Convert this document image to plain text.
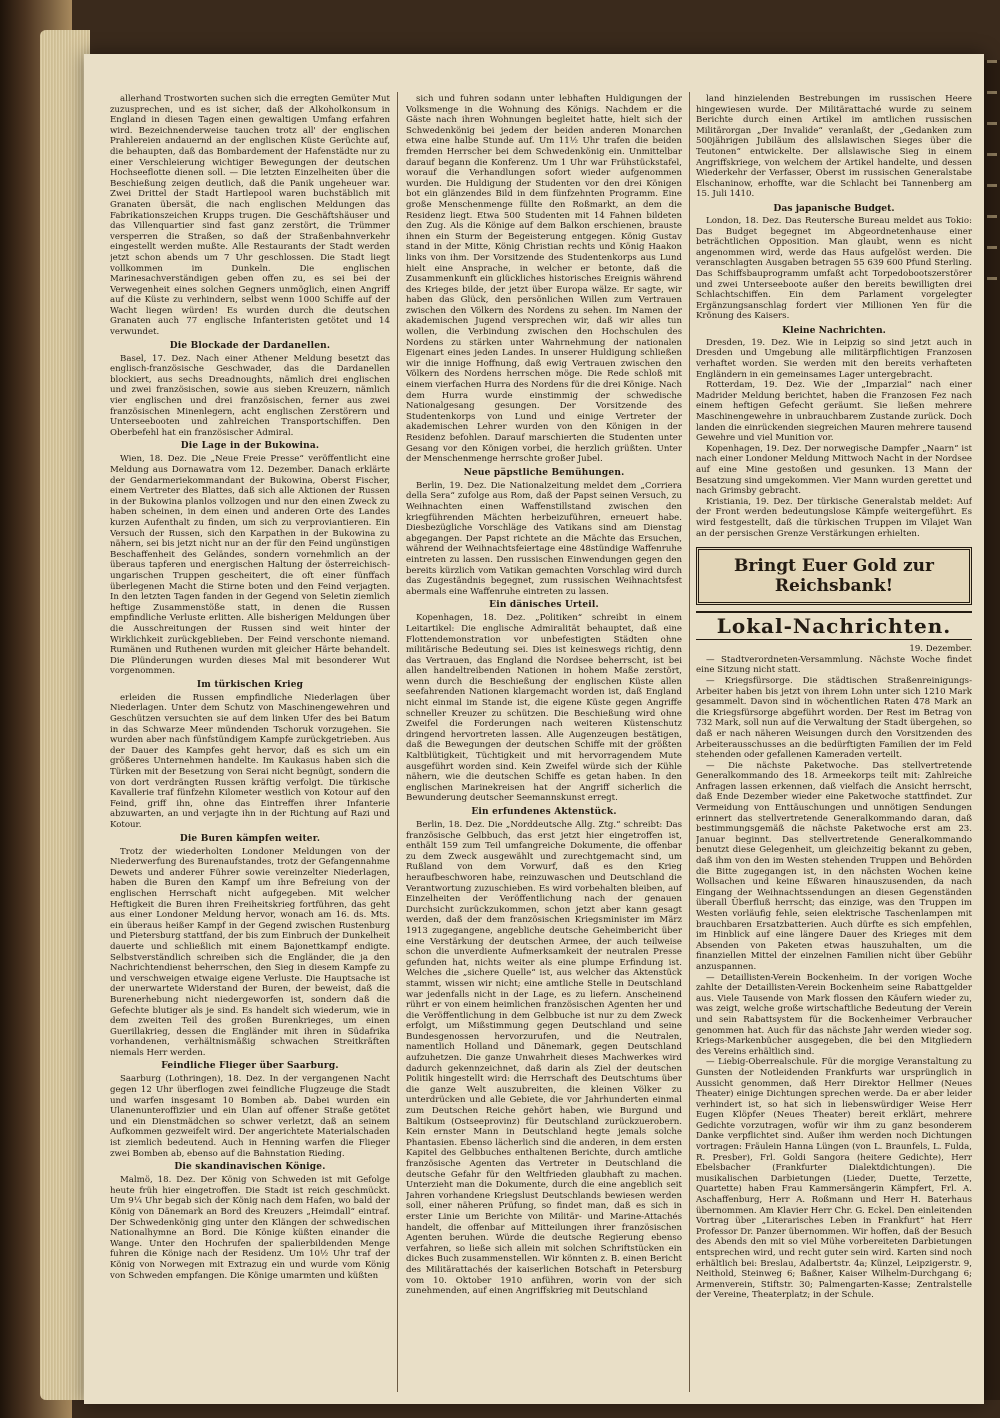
allerhand Trostworten suchen sich die erregten Gemüter Mut zuzusprechen, und es ist sicher, daß der Alkoholkonsum in England in diesen Tagen einen gewaltigen Umfang erfahren wird. Bezeichnenderweise tauchen trotz all' der englischen Prahlereien andauernd an der englischen Küste Gerüchte auf, die behaupten, daß das Bombardement der Hafenstädte nur zu einer Verschleierung wichtiger Bewegungen der deutschen Hochseeflotte dienen soll. — Die letzten Einzelheiten über die Beschießung zeigen deutlich, daß die Panik ungeheuer war. Zwei Drittel der Stadt Hartlepool waren buchstäblich mit Granaten übersät, die nach englischen Meldungen das Fabrikationszeichen Krupps trugen. Die Geschäftshäuser und das Villenquartier sind fast ganz zerstört, die Trümmer versperren die Straßen, so daß der Straßenbahnverkehr eingestellt werden mußte. Alle Restaurants der Stadt werden jetzt schon abends um 7 Uhr geschlossen. Die Stadt liegt vollkommen im Dunkeln. Die englischen Marinesachverständigen geben offen zu, es sei bei der Verwegenheit eines solchen Gegners unmöglich, einen Angriff auf die Küste zu verhindern, selbst wenn 1000 Schiffe auf der Wacht liegen würden! Es wurden durch die deutschen Granaten auch 77 englische Infanteristen getötet und 14 verwundet.

Die Blockade der Dardanellen.

Basel, 17. Dez. Nach einer Athener Meldung besetzt das englisch-französische Geschwader, das die Dardanellen blockiert, aus sechs Dreadnoughts, nämlich drei englischen und zwei französischen, sowie aus sieben Kreuzern, nämlich vier englischen und drei französischen, ferner aus zwei französischen Minenlegern, acht englischen Zerstörern und Unterseebooten und zahlreichen Transportschiffen. Den Oberbefehl hat ein französischer Admiral.

Die Lage in der Bukowina.

Wien, 18. Dez. Die „Neue Freie Presse“ veröffentlicht eine Meldung aus Dornawatra vom 12. Dezember. Danach erklärte der Gendarmeriekommandant der Bukowina, Oberst Fischer, einem Vertreter des Blattes, daß sich alle Aktionen der Russen in der Bukowina planlos vollzogen und nur den einen Zweck zu haben scheinen, in dem einen und anderen Orte des Landes kurzen Aufenthalt zu finden, um sich zu verproviantieren. Ein Versuch der Russen, sich den Karpathen in der Bukowina zu nähern, sei bis jetzt nicht nur an der für den Feind ungünstigen Beschaffenheit des Geländes, sondern vornehmlich an der überaus tapferen und energischen Haltung der österreichisch-ungarischen Truppen gescheitert, die oft einer fünffach überlegenen Macht die Stirne boten und den Feind verjagten. In den letzten Tagen fanden in der Gegend von Seletin ziemlich heftige Zusammenstöße statt, in denen die Russen empfindliche Verluste erlitten. Alle bisherigen Meldungen über die Ausschreitungen der Russen sind weit hinter der Wirklichkeit zurückgeblieben. Der Feind verschonte niemand. Rumänen und Ruthenen wurden mit gleicher Härte behandelt. Die Plünderungen wurden dieses Mal mit besonderer Wut vorgenommen.

Im türkischen Krieg

erleiden die Russen empfindliche Niederlagen über Niederlagen. Unter dem Schutz von Maschinengewehren und Geschützen versuchten sie auf dem linken Ufer des bei Batum in das Schwarze Meer mündenden Tschoruk vorzugehen. Sie wurden aber nach fünfstündigem Kampfe zurückgetrieben. Aus der Dauer des Kampfes geht hervor, daß es sich um ein größeres Unternehmen handelte. Im Kaukasus haben sich die Türken mit der Besetzung von Serai nicht begnügt, sondern die von dort verdrängten Russen kräftig verfolgt. Die türkische Kavallerie traf fünfzehn Kilometer westlich von Kotour auf den Feind, griff ihn, ohne das Eintreffen ihrer Infanterie abzuwarten, an und verjagte ihn in der Richtung auf Razi und Kotour.

Die Buren kämpfen weiter.

Trotz der wiederholten Londoner Meldungen von der Niederwerfung des Burenaufstandes, trotz der Gefangennahme Dewets und anderer Führer sowie vereinzelter Niederlagen, haben die Buren den Kampf um ihre Befreiung von der englischen Herrschaft nicht aufgegeben. Mit welcher Heftigkeit die Buren ihren Freiheitskrieg fortführen, das geht aus einer Londoner Meldung hervor, wonach am 16. ds. Mts. ein überaus heißer Kampf in der Gegend zwischen Rustenburg und Pietersburg stattfand, der bis zum Einbruch der Dunkelheit dauerte und schließlich mit einem Bajonettkampf endigte. Selbstverständlich schreiben sich die Engländer, die ja den Nachrichtendienst beherrschen, den Sieg in diesem Kampfe zu und verschweigen etwaige eigene Verluste. Die Hauptsache ist der unerwartete Widerstand der Buren, der beweist, daß die Burenerhebung nicht niedergeworfen ist, sondern daß die Gefechte blutiger als je sind. Es handelt sich wiederum, wie in dem zweiten Teil des großen Burenkrieges, um einen Guerillakrieg, dessen die Engländer mit ihren in Südafrika vorhandenen, verhältnismäßig schwachen Streitkräften niemals Herr werden.

Feindliche Flieger über Saarburg.

Saarburg (Lothringen), 18. Dez. In der vergangenen Nacht gegen 12 Uhr überflogen zwei feindliche Flugzeuge die Stadt und warfen insgesamt 10 Bomben ab. Dabei wurden ein Ulanenunteroffizier und ein Ulan auf offener Straße getötet und ein Dienstmädchen so schwer verletzt, daß an seinem Aufkommen gezweifelt wird. Der angerichtete Materialschaden ist ziemlich bedeutend. Auch in Henning warfen die Flieger zwei Bomben ab, ebenso auf die Bahnstation Rieding.

Die skandinavischen Könige.

Malmö, 18. Dez. Der König von Schweden ist mit Gefolge heute früh hier eingetroffen. Die Stadt ist reich geschmückt. Um 9¼ Uhr begab sich der König nach dem Hafen, wo bald der König von Dänemark an Bord des Kreuzers „Heimdall“ eintraf. Der Schwedenkönig ging unter den Klängen der schwedischen Nationalhymne an Bord. Die Könige küßten einander die Wange. Unter den Hochrufen der spalierbildenden Menge fuhren die Könige nach der Residenz. Um 10½ Uhr traf der König von Norwegen mit Extrazug ein und wurde vom König von Schweden empfangen. Die Könige umarmten und küßten

sich und fuhren sodann unter lebhaften Huldigungen der Volksmenge in die Wohnung des Königs. Nachdem er die Gäste nach ihren Wohnungen begleitet hatte, hielt sich der Schwedenkönig bei jedem der beiden anderen Monarchen etwa eine halbe Stunde auf. Um 11½ Uhr trafen die beiden fremden Herrscher bei dem Schwedenkönig ein. Unmittelbar darauf begann die Konferenz. Um 1 Uhr war Frühstückstafel, worauf die Verhandlungen sofort wieder aufgenommen wurden. Die Huldigung der Studenten vor den drei Königen bot ein glänzendes Bild in dem fünfzehnten Programm. Eine große Menschenmenge füllte den Roßmarkt, an dem die Residenz liegt. Etwa 500 Studenten mit 14 Fahnen bildeten den Zug. Als die Könige auf dem Balkon erschienen, brauste ihnen ein Sturm der Begeisterung entgegen. König Gustav stand in der Mitte, König Christian rechts und König Haakon links von ihm. Der Vorsitzende des Studentenkorps aus Lund hielt eine Ansprache, in welcher er betonte, daß die Zusammenkunft ein glückliches historisches Ereignis während des Krieges bilde, der jetzt über Europa wälze. Er sagte, wir haben das Glück, den persönlichen Willen zum Vertrauen zwischen den Völkern des Nordens zu sehen. Im Namen der akademischen Jugend versprechen wir, daß wir alles tun wollen, die Verbindung zwischen den Hochschulen des Nordens zu stärken unter Wahrnehmung der nationalen Eigenart eines jeden Landes. In unserer Huldigung schließen wir die innige Hoffnung, daß ewig Vertrauen zwischen den Völkern des Nordens herrschen möge. Die Rede schloß mit einem vierfachen Hurra des Nordens für die drei Könige. Nach dem Hurra wurde einstimmig der schwedische Nationalgesang gesungen. Der Vorsitzende des Studentenkorps von Lund und einige Vertreter der akademischen Lehrer wurden von den Königen in der Residenz befohlen. Darauf marschierten die Studenten unter Gesang vor den Königen vorbei, die herzlich grüßten. Unter der Menschenmenge herrschte großer Jubel.

Neue päpstliche Bemühungen.

Berlin, 19. Dez. Die Nationalzeitung meldet dem „Corriera della Sera“ zufolge aus Rom, daß der Papst seinen Versuch, zu Weihnachten einen Waffenstillstand zwischen den kriegführenden Mächten herbeizuführen, erneuert habe. Diesbezügliche Vorschläge des Vatikans sind am Dienstag abgegangen. Der Papst richtete an die Mächte das Ersuchen, während der Weihnachtsfeiertage eine 48stündige Waffenruhe eintreten zu lassen. Den russischen Einwendungen gegen den bereits kürzlich vom Vatikan gemachten Vorschlag wird durch das Zugeständnis begegnet, zum russischen Weihnachtsfest abermals eine Waffenruhe eintreten zu lassen.

Ein dänisches Urteil.

Kopenhagen, 18. Dez. „Politiken“ schreibt in einem Leitartikel: Die englische Admiralität behauptet, daß eine Flottendemonstration vor unbefestigten Städten ohne militärische Bedeutung sei. Dies ist keineswegs richtig, denn das Vertrauen, das England die Nordsee beherrscht, ist bei allen handeltreibenden Nationen in hohem Maße zerstört, wenn durch die Beschießung der englischen Küste allen seefahrenden Nationen klargemacht worden ist, daß England nicht einmal im Stande ist, die eigene Küste gegen Angriffe schneller Kreuzer zu schützen. Die Beschießung wird ohne Zweifel die Forderungen nach weiteren Küstenschutz dringend hervortreten lassen. Alle Augenzeugen bestätigen, daß die Bewegungen der deutschen Schiffe mit der größten Kaltblütigkeit, Tüchtigkeit und mit hervorragendem Mute ausgeführt worden sind. Kein Zweifel würde sich der Kühle nähern, wie die deutschen Schiffe es getan haben. In den englischen Marinekreisen hat der Angriff sicherlich die Bewunderung deutscher Seemannskunst erregt.

Ein erfundenes Aktenstück.

Berlin, 18. Dez. Die „Norddeutsche Allg. Ztg.“ schreibt: Das französische Gelbbuch, das erst jetzt hier eingetroffen ist, enthält 159 zum Teil umfangreiche Dokumente, die offenbar zu dem Zweck ausgewählt und zurechtgemacht sind, um Rußland von dem Vorwurf, daß es den Krieg heraufbeschworen habe, reinzuwaschen und Deutschland die Verantwortung zuzuschieben. Es wird vorbehalten bleiben, auf Einzelheiten der Veröffentlichung nach der genauen Durchsicht zurückzukommen, schon jetzt aber kann gesagt werden, daß der dem französischen Kriegsminister im März 1913 zugegangene, angebliche deutsche Geheimbericht über eine Verstärkung der deutschen Armee, der auch teilweise schon die unverdiente Aufmerksamkeit der neutralen Presse gefunden hat, nichts weiter als eine plumpe Erfindung ist. Welches die „sichere Quelle“ ist, aus welcher das Aktenstück stammt, wissen wir nicht; eine amtliche Stelle in Deutschland war jedenfalls nicht in der Lage, es zu liefern. Anscheinend rührt er von einem heimlichen französischen Agenten her und die Veröffentlichung in dem Gelbbuche ist nur zu dem Zweck erfolgt, um Mißstimmung gegen Deutschland und seine Bundesgenossen hervorzurufen, und die Neutralen, namentlich Holland und Dänemark, gegen Deutschland aufzuhetzen. Die ganze Unwahrheit dieses Machwerkes wird dadurch gekennzeichnet, daß darin als Ziel der deutschen Politik hingestellt wird: die Herrschaft des Deutschtums über die ganze Welt auszubreiten, die kleinen Völker zu unterdrücken und alle Gebiete, die vor Jahrhunderten einmal zum Deutschen Reiche gehört haben, wie Burgund und Baltikum (Ostseeprovinz) für Deutschland zurückzuerobern. Kein ernster Mann in Deutschland hegte jemals solche Phantasien. Ebenso lächerlich sind die anderen, in dem ersten Kapitel des Gelbbuches enthaltenen Berichte, durch amtliche französische Agenten das Vertreter in Deutschland die deutsche Gefahr für den Weltfrieden glaubhaft zu machen. Unterzieht man die Dokumente, durch die eine angeblich seit Jahren vorhandene Kriegslust Deutschlands bewiesen werden soll, einer näheren Prüfung, so findet man, daß es sich in erster Linie um Berichte von Militär- und Marine-Attachés handelt, die offenbar auf Mitteilungen ihrer französischen Agenten beruhen. Würde die deutsche Regierung ebenso verfahren, so ließe sich allein mit solchen Schriftstücken ein dickes Buch zusammenstellen. Wir könnten z. B. einen Bericht des Militärattachés der kaiserlichen Botschaft in Petersburg vom 10. Oktober 1910 anführen, worin von der sich zunehmenden, auf einen Angriffskrieg mit Deutschland

land hinzielenden Bestrebungen im russischen Heere hingewiesen wurde. Der Militärattaché wurde zu seinem Berichte durch einen Artikel im amtlichen russischen Militärorgan „Der Invalide“ veranlaßt, der „Gedanken zum 500jährigen Jubiläum des allslawischen Sieges über die Teutonen“ entwickelte. Der allslawische Sieg in einem Angriffskriege, von welchem der Artikel handelte, und dessen Wiederkehr der Verfasser, Oberst im russischen Generalstabe Elschaninow, erhoffte, war die Schlacht bei Tannenberg am 15. Juli 1410.

Das japanische Budget.

London, 18. Dez. Das Reutersche Bureau meldet aus Tokio: Das Budget begegnet im Abgeordnetenhause einer beträchtlichen Opposition. Man glaubt, wenn es nicht angenommen wird, werde das Haus aufgelöst werden. Die veranschlagten Ausgaben betragen 55 639 600 Pfund Sterling. Das Schiffsbauprogramm umfaßt acht Torpedobootszerstörer und zwei Unterseeboote außer den bereits bewilligten drei Schlachtschiffen. Ein dem Parlament vorgelegter Ergänzungsanschlag fordert vier Millionen Yen für die Krönung des Kaisers.

Kleine Nachrichten.

Dresden, 19. Dez. Wie in Leipzig so sind jetzt auch in Dresden und Umgebung alle militärpflichtigen Franzosen verhaftet worden. Sie werden mit den bereits verhafteten Engländern in ein gemeinsames Lager untergebracht.

Rotterdam, 19. Dez. Wie der „Imparzial“ nach einer Madrider Meldung berichtet, haben die Franzosen Fez nach einem heftigen Gefecht geräumt. Sie ließen mehrere Maschinengewehre in unbrauchbarem Zustande zurück. Doch landen die einrückenden siegreichen Mauren mehrere tausend Gewehre und viel Munition vor.

Kopenhagen, 19. Dez. Der norwegische Dampfer „Naarn“ ist nach einer Londoner Meldung Mittwoch Nacht in der Nordsee auf eine Mine gestoßen und gesunken. 13 Mann der Besatzung sind umgekommen. Vier Mann wurden gerettet und nach Grimsby gebracht.

Kristiania, 19. Dez. Der türkische Generalstab meldet: Auf der Front werden bedeutungslose Kämpfe weitergeführt. Es wird festgestellt, daß die türkischen Truppen im Vilajet Wan an der persischen Grenze Verstärkungen erhielten.

Bringt Euer Gold zur Reichsbank!
Lokal-Nachrichten.

19. Dezember.

— Stadtverordneten-Versammlung. Nächste Woche findet eine Sitzung nicht statt.

— Kriegsfürsorge. Die städtischen Straßenreinigungs-Arbeiter haben bis jetzt von ihrem Lohn unter sich 1210 Mark gesammelt. Davon sind in wöchentlichen Raten 478 Mark an die Kriegsfürsorge abgeführt worden. Der Rest im Betrag von 732 Mark, soll nun auf die Verwaltung der Stadt übergehen, so daß er nach näheren Weisungen durch den Vorsitzenden des Arbeiterausschusses an die bedürftigten Familien der im Feld stehenden oder gefallenen Kameraden verteilt.

— Die nächste Paketwoche. Das stellvertretende Generalkommando des 18. Armeekorps teilt mit: Zahlreiche Anfragen lassen erkennen, daß vielfach die Ansicht herrscht, daß Ende Dezember wieder eine Paketwoche stattfindet. Zur Vermeidung von Enttäuschungen und unnötigen Sendungen erinnert das stellvertretende Generalkommando daran, daß bestimmungsgemäß die nächste Paketwoche erst am 23. Januar beginnt. Das stellvertretende Generalkommando benutzt diese Gelegenheit, um gleichzeitig bekannt zu geben, daß ihm von den im Westen stehenden Truppen und Behörden die Bitte zugegangen ist, in den nächsten Wochen keine Wollsachen und keine Eßwaren hinauszusenden, da nach Eingang der Weihnachtssendungen an diesen Gegenständen überall Überfluß herrscht; das einzige, was den Truppen im Westen vorläufig fehle, seien elektrische Taschenlampen mit brauchbaren Ersatzbatterien. Auch dürfte es sich empfehlen, im Hinblick auf eine längere Dauer des Krieges mit dem Absenden von Paketen etwas hauszuhalten, um die finanziellen Mittel der einzelnen Familien nicht über Gebühr anzuspannen.

— Detaillisten-Verein Bockenheim. In der vorigen Woche zahlte der Detaillisten-Verein Bockenheim seine Rabattgelder aus. Viele Tausende von Mark flossen den Käufern wieder zu, was zeigt, welche große wirtschaftliche Bedeutung der Verein und sein Rabattsystem für die Bockenheimer Verbraucher genommen hat. Auch für das nächste Jahr werden wieder sog. Kriegs-Markenbücher ausgegeben, die bei den Mitgliedern des Vereins erhältlich sind.

— Liebig-Oberrealschule. Für die morgige Veranstaltung zu Gunsten der Notleidenden Frankfurts war ursprünglich in Aussicht genommen, daß Herr Direktor Hellmer (Neues Theater) einige Dichtungen sprechen werde. Da er aber leider verhindert ist, so hat sich in liebenswürdiger Weise Herr Eugen Klöpfer (Neues Theater) bereit erklärt, mehrere Gedichte vorzutragen, wofür wir ihm zu ganz besonderem Danke verpflichtet sind. Außer ihm werden noch Dichtungen vortragen: Fräulein Hanna Lüngen (von L. Braunfels, L. Fulda, R. Presber), Frl. Goldi Sangora (heitere Gedichte), Herr Ebelsbacher (Frankfurter Dialektdichtungen). Die musikalischen Darbietungen (Lieder, Duette, Terzette, Quartette) haben Frau Kammersängerin Kämpfert, Frl. A. Aschaffenburg, Herr A. Roßmann und Herr H. Baterhaus übernommen. Am Klavier Herr Chr. G. Eckel. Den einleitenden Vortrag über „Literarisches Leben in Frankfurt“ hat Herr Professor Dr. Panzer übernommen. Wir hoffen, daß der Besuch des Abends den mit so viel Mühe vorbereiteten Darbietungen entsprechen wird, und recht guter sein wird. Karten sind noch erhältlich bei: Breslau, Adalbertstr. 4a; Künzel, Leipzigerstr. 9, Neithold, Steinweg 6; Baßner, Kaiser Wilhelm-Durchgang 6; Armenverein, Stiftstr. 30; Palmengarten-Kasse; Zentralstelle der Vereine, Theaterplatz; in der Schule.
